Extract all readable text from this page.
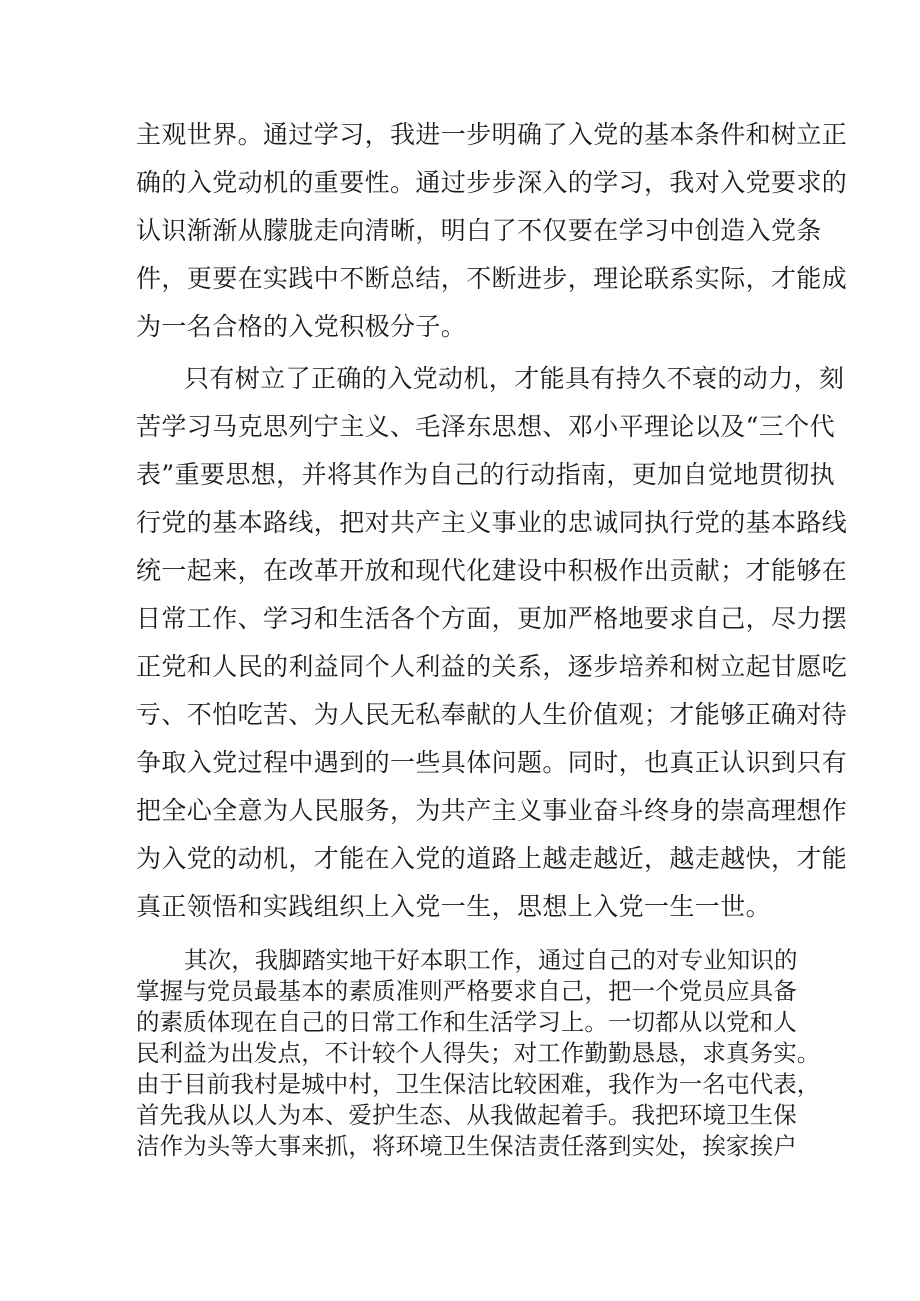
主观世界。通过学习，我进一步明确了入党的基本条件和树立正

确的入党动机的重要性。通过步步深入的学习，我对入党要求的

认识渐渐从朦胧走向清晰，明白了不仅要在学习中创造入党条

件，更要在实践中不断总结，不断进步，理论联系实际，才能成

为一名合格的入党积极分子。

只有树立了正确的入党动机，才能具有持久不衰的动力，刻

苦学习马克思列宁主义、毛泽东思想、邓小平理论以及“三个代

表”重要思想，并将其作为自己的行动指南，更加自觉地贯彻执

行党的基本路线，把对共产主义事业的忠诚同执行党的基本路线

统一起来，在改革开放和现代化建设中积极作出贡献；才能够在

日常工作、学习和生活各个方面，更加严格地要求自己，尽力摆

正党和人民的利益同个人利益的关系，逐步培养和树立起甘愿吃

亏、不怕吃苦、为人民无私奉献的人生价值观；才能够正确对待

争取入党过程中遇到的一些具体问题。同时，也真正认识到只有

把全心全意为人民服务，为共产主义事业奋斗终身的崇高理想作

为入党的动机，才能在入党的道路上越走越近，越走越快，才能

真正领悟和实践组织上入党一生，思想上入党一生一世。

其次，我脚踏实地干好本职工作，通过自己的对专业知识的

掌握与党员最基本的素质准则严格要求自己，把一个党员应具备

的素质体现在自己的日常工作和生活学习上。一切都从以党和人

民利益为出发点，不计较个人得失；对工作勤勤恳恳，求真务实。

由于目前我村是城中村，卫生保洁比较困难，我作为一名屯代表，

首先我从以人为本、爱护生态、从我做起着手。我把环境卫生保

洁作为头等大事来抓，将环境卫生保洁责任落到实处，挨家挨户
